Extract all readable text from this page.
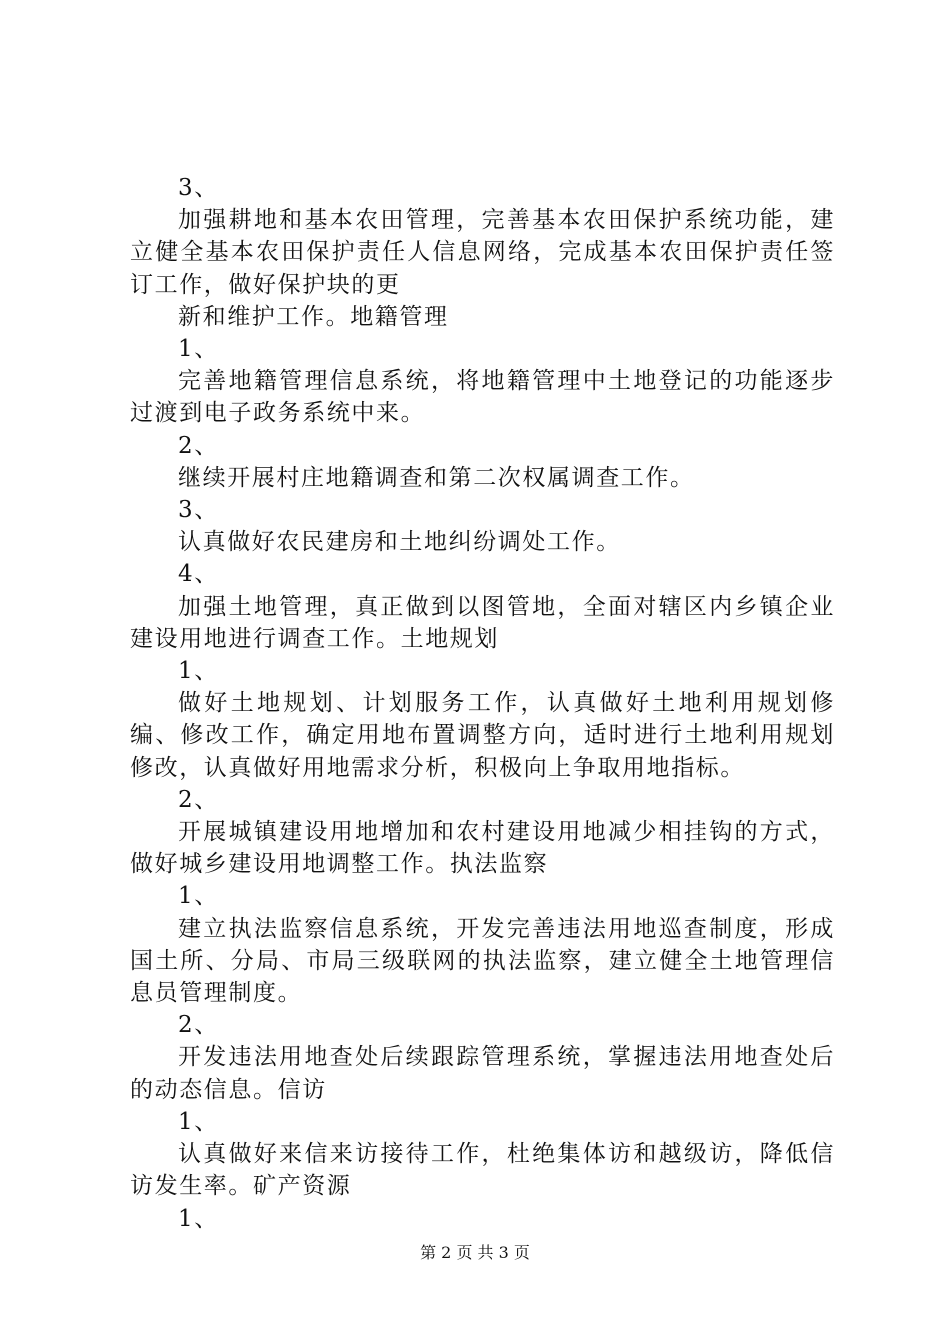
3、

加强耕地和基本农田管理，完善基本农田保护系统功能，建立健全基本农田保护责任人信息网络，完成基本农田保护责任签订工作，做好保护块的更

新和维护工作。地籍管理

1、

完善地籍管理信息系统，将地籍管理中土地登记的功能逐步过渡到电子政务系统中来。

2、

继续开展村庄地籍调查和第二次权属调查工作。

3、

认真做好农民建房和土地纠纷调处工作。

4、

加强土地管理，真正做到以图管地，全面对辖区内乡镇企业建设用地进行调查工作。土地规划

1、

做好土地规划、计划服务工作，认真做好土地利用规划修编、修改工作，确定用地布置调整方向，适时进行土地利用规划修改，认真做好用地需求分析，积极向上争取用地指标。

2、

开展城镇建设用地增加和农村建设用地减少相挂钩的方式，做好城乡建设用地调整工作。执法监察

1、

建立执法监察信息系统，开发完善违法用地巡查制度，形成国土所、分局、市局三级联网的执法监察，建立健全土地管理信息员管理制度。

2、

开发违法用地查处后续跟踪管理系统，掌握违法用地查处后的动态信息。信访

1、

认真做好来信来访接待工作，杜绝集体访和越级访，降低信访发生率。矿产资源

1、

第 2 页 共 3 页
